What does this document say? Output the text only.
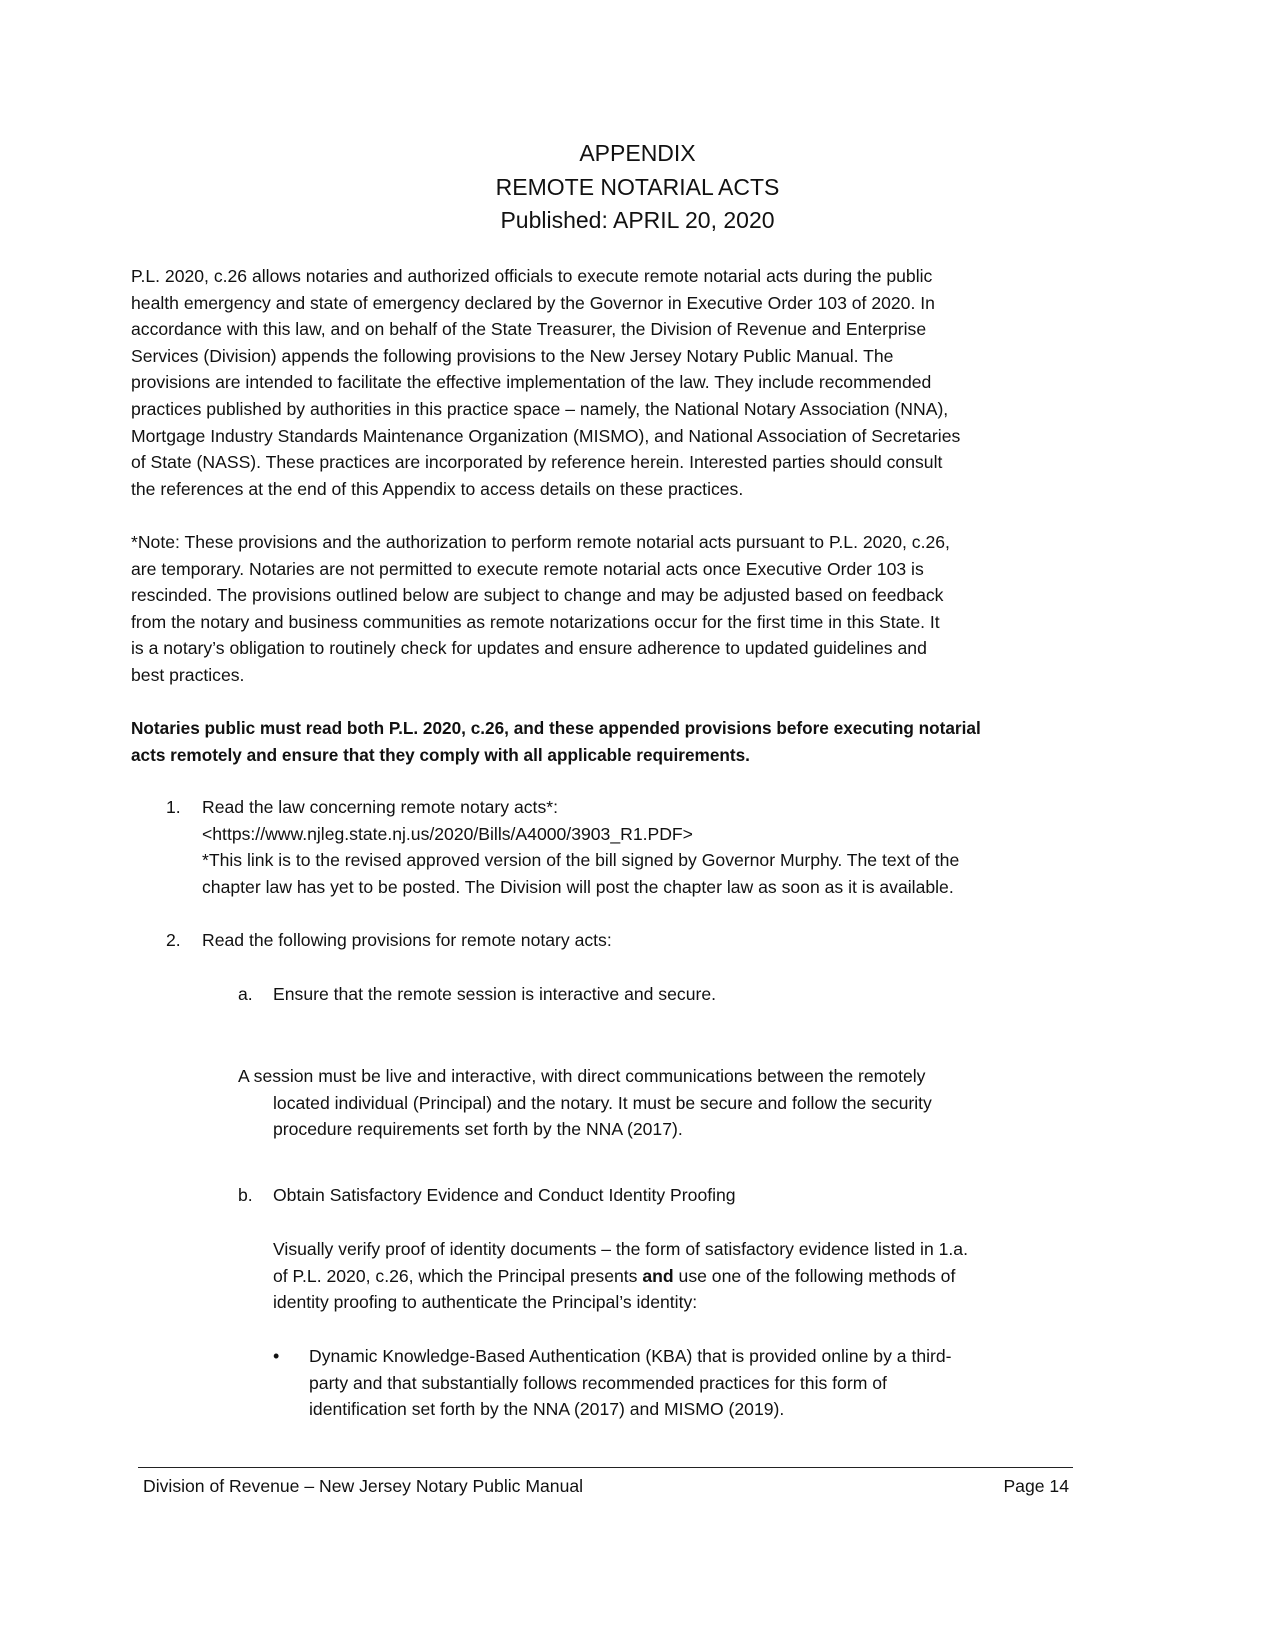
APPENDIX
REMOTE NOTARIAL ACTS
Published: APRIL 20, 2020
P.L. 2020, c.26 allows notaries and authorized officials to execute remote notarial acts during the public
health emergency and state of emergency declared by the Governor in Executive Order 103 of 2020. In
accordance with this law, and on behalf of the State Treasurer, the Division of Revenue and Enterprise
Services (Division) appends the following provisions to the New Jersey Notary Public Manual. The
provisions are intended to facilitate the effective implementation of the law. They include recommended
practices published by authorities in this practice space – namely, the National Notary Association (NNA),
Mortgage Industry Standards Maintenance Organization (MISMO), and National Association of Secretaries
of State (NASS). These practices are incorporated by reference herein. Interested parties should consult
the references at the end of this Appendix to access details on these practices.
*Note: These provisions and the authorization to perform remote notarial acts pursuant to P.L. 2020, c.26,
are temporary. Notaries are not permitted to execute remote notarial acts once Executive Order 103 is
rescinded. The provisions outlined below are subject to change and may be adjusted based on feedback
from the notary and business communities as remote notarizations occur for the first time in this State. It
is a notary’s obligation to routinely check for updates and ensure adherence to updated guidelines and
best practices.
Notaries public must read both P.L. 2020, c.26, and these appended provisions before executing notarial
acts remotely and ensure that they comply with all applicable requirements.
1. Read the law concerning remote notary acts*:
<https://www.njleg.state.nj.us/2020/Bills/A4000/3903_R1.PDF>
*This link is to the revised approved version of the bill signed by Governor Murphy. The text of the
chapter law has yet to be posted. The Division will post the chapter law as soon as it is available.
2. Read the following provisions for remote notary acts:
a. Ensure that the remote session is interactive and secure.
A session must be live and interactive, with direct communications between the remotely
located individual (Principal) and the notary. It must be secure and follow the security
procedure requirements set forth by the NNA (2017).
b. Obtain Satisfactory Evidence and Conduct Identity Proofing
Visually verify proof of identity documents – the form of satisfactory evidence listed in 1.a.
of P.L. 2020, c.26, which the Principal presents and use one of the following methods of
identity proofing to authenticate the Principal’s identity:
• Dynamic Knowledge-Based Authentication (KBA) that is provided online by a third-
party and that substantially follows recommended practices for this form of
identification set forth by the NNA (2017) and MISMO (2019).
Division of Revenue – New Jersey Notary Public Manual	Page 14
